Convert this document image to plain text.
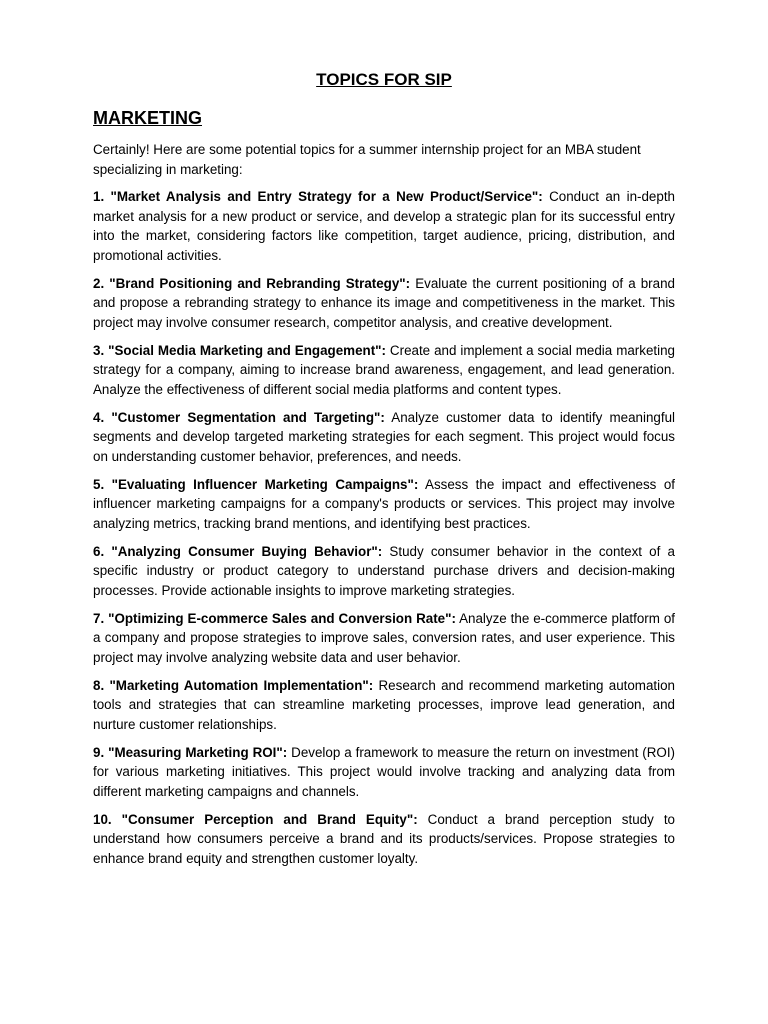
TOPICS FOR SIP
MARKETING

Certainly! Here are some potential topics for a summer internship project for an MBA student specializing in marketing:

1. "Market Analysis and Entry Strategy for a New Product/Service": Conduct an in-depth market analysis for a new product or service, and develop a strategic plan for its successful entry into the market, considering factors like competition, target audience, pricing, distribution, and promotional activities.

2. "Brand Positioning and Rebranding Strategy": Evaluate the current positioning of a brand and propose a rebranding strategy to enhance its image and competitiveness in the market. This project may involve consumer research, competitor analysis, and creative development.

3. "Social Media Marketing and Engagement": Create and implement a social media marketing strategy for a company, aiming to increase brand awareness, engagement, and lead generation. Analyze the effectiveness of different social media platforms and content types.

4. "Customer Segmentation and Targeting": Analyze customer data to identify meaningful segments and develop targeted marketing strategies for each segment. This project would focus on understanding customer behavior, preferences, and needs.

5. "Evaluating Influencer Marketing Campaigns": Assess the impact and effectiveness of influencer marketing campaigns for a company's products or services. This project may involve analyzing metrics, tracking brand mentions, and identifying best practices.

6. "Analyzing Consumer Buying Behavior": Study consumer behavior in the context of a specific industry or product category to understand purchase drivers and decision-making processes. Provide actionable insights to improve marketing strategies.

7. "Optimizing E-commerce Sales and Conversion Rate": Analyze the e-commerce platform of a company and propose strategies to improve sales, conversion rates, and user experience. This project may involve analyzing website data and user behavior.

8. "Marketing Automation Implementation": Research and recommend marketing automation tools and strategies that can streamline marketing processes, improve lead generation, and nurture customer relationships.

9. "Measuring Marketing ROI": Develop a framework to measure the return on investment (ROI) for various marketing initiatives. This project would involve tracking and analyzing data from different marketing campaigns and channels.

10. "Consumer Perception and Brand Equity": Conduct a brand perception study to understand how consumers perceive a brand and its products/services. Propose strategies to enhance brand equity and strengthen customer loyalty.
